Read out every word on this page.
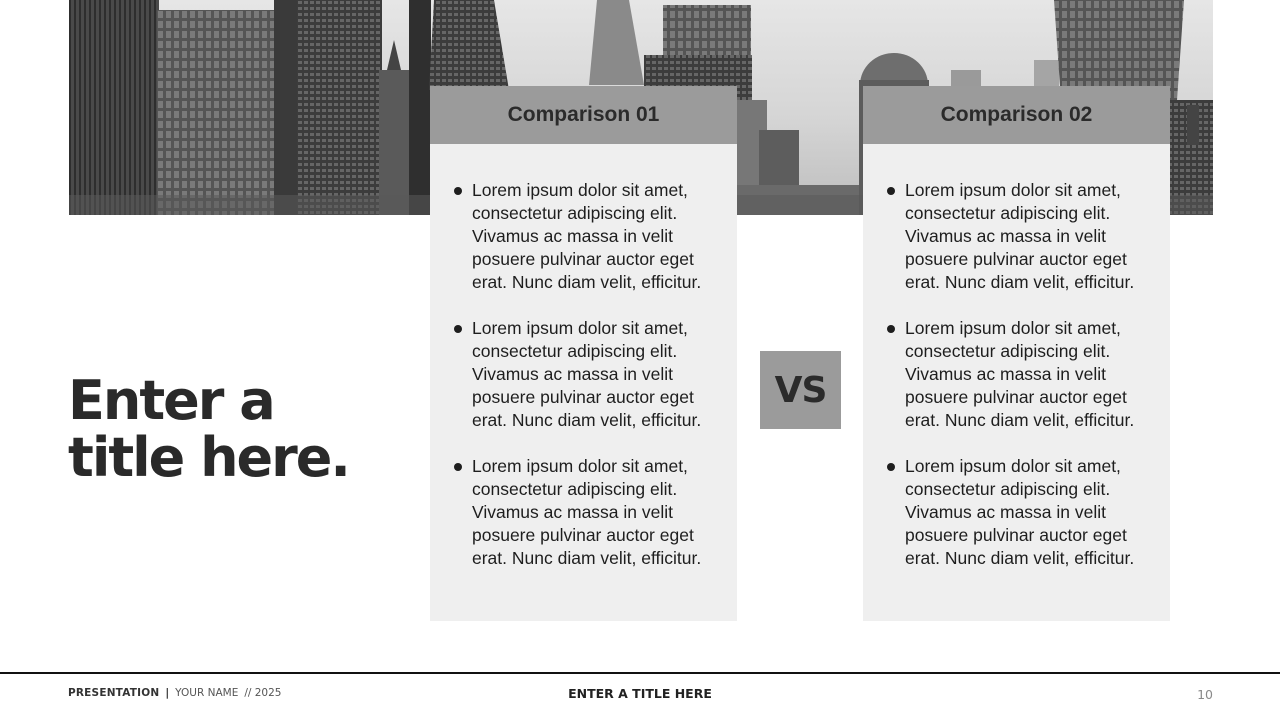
Enter a
title here.
Comparison 01
Lorem ipsum dolor sit amet, consectetur adipiscing elit. Vivamus ac massa in velit posuere pulvinar auctor eget erat. Nunc diam velit, efficitur.
Lorem ipsum dolor sit amet, consectetur adipiscing elit. Vivamus ac massa in velit posuere pulvinar auctor eget erat. Nunc diam velit, efficitur.
Lorem ipsum dolor sit amet, consectetur adipiscing elit. Vivamus ac massa in velit posuere pulvinar auctor eget erat. Nunc diam velit, efficitur.
VS
Comparison 02
Lorem ipsum dolor sit amet, consectetur adipiscing elit. Vivamus ac massa in velit posuere pulvinar auctor eget erat. Nunc diam velit, efficitur.
Lorem ipsum dolor sit amet, consectetur adipiscing elit. Vivamus ac massa in velit posuere pulvinar auctor eget erat. Nunc diam velit, efficitur.
Lorem ipsum dolor sit amet, consectetur adipiscing elit. Vivamus ac massa in velit posuere pulvinar auctor eget erat. Nunc diam velit, efficitur.
PRESENTATION | YOUR NAME // 2025	ENTER A TITLE HERE	10
